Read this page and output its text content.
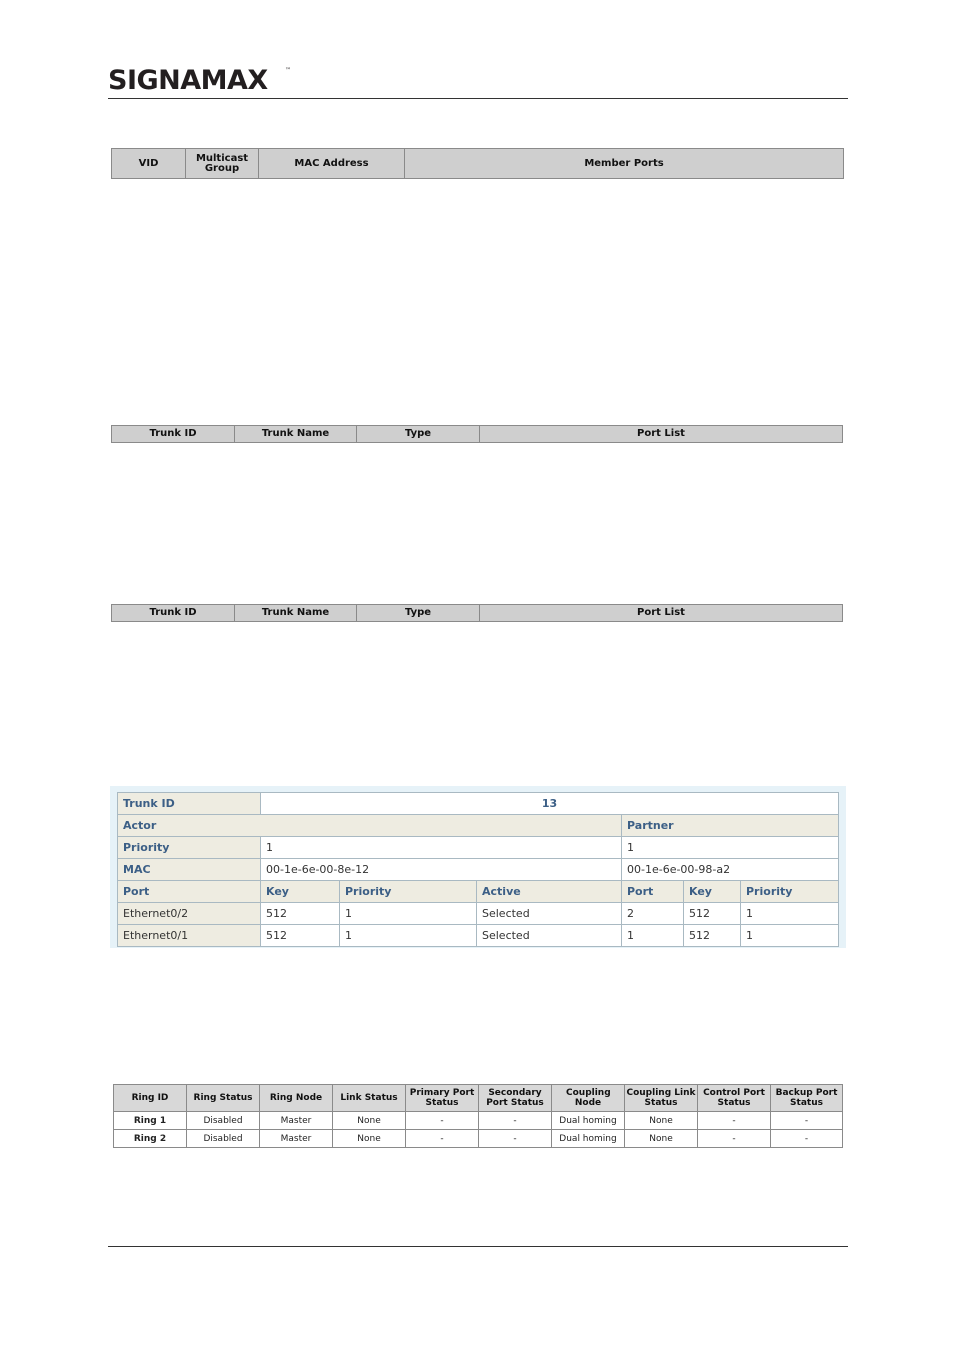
SIGNAMAX	™
VID	Multicast Group	MAC Address	Member Ports
Trunk ID	Trunk Name	Type	Port List
Trunk ID	Trunk Name	Type	Port List
Trunk ID	13					
Actor				Partner		
Priority	1			1		
MAC	00-1e-6e-00-8e-12			00-1e-6e-00-98-a2		
Port	Key	Priority	Active	Port	Key	Priority
Ethernet0/2	512	1	Selected	2	512	1
Ethernet0/1	512	1	Selected	1	512	1
Ring ID	Ring Status	Ring Node	Link Status	Primary Port Status	Secondary Port Status	Coupling Node	Coupling Link Status	Control Port Status	Backup Port Status
Ring 1	Disabled	Master	None	-	-	Dual homing	None	-	-
Ring 2	Disabled	Master	None	-	-	Dual homing	None	-	-
